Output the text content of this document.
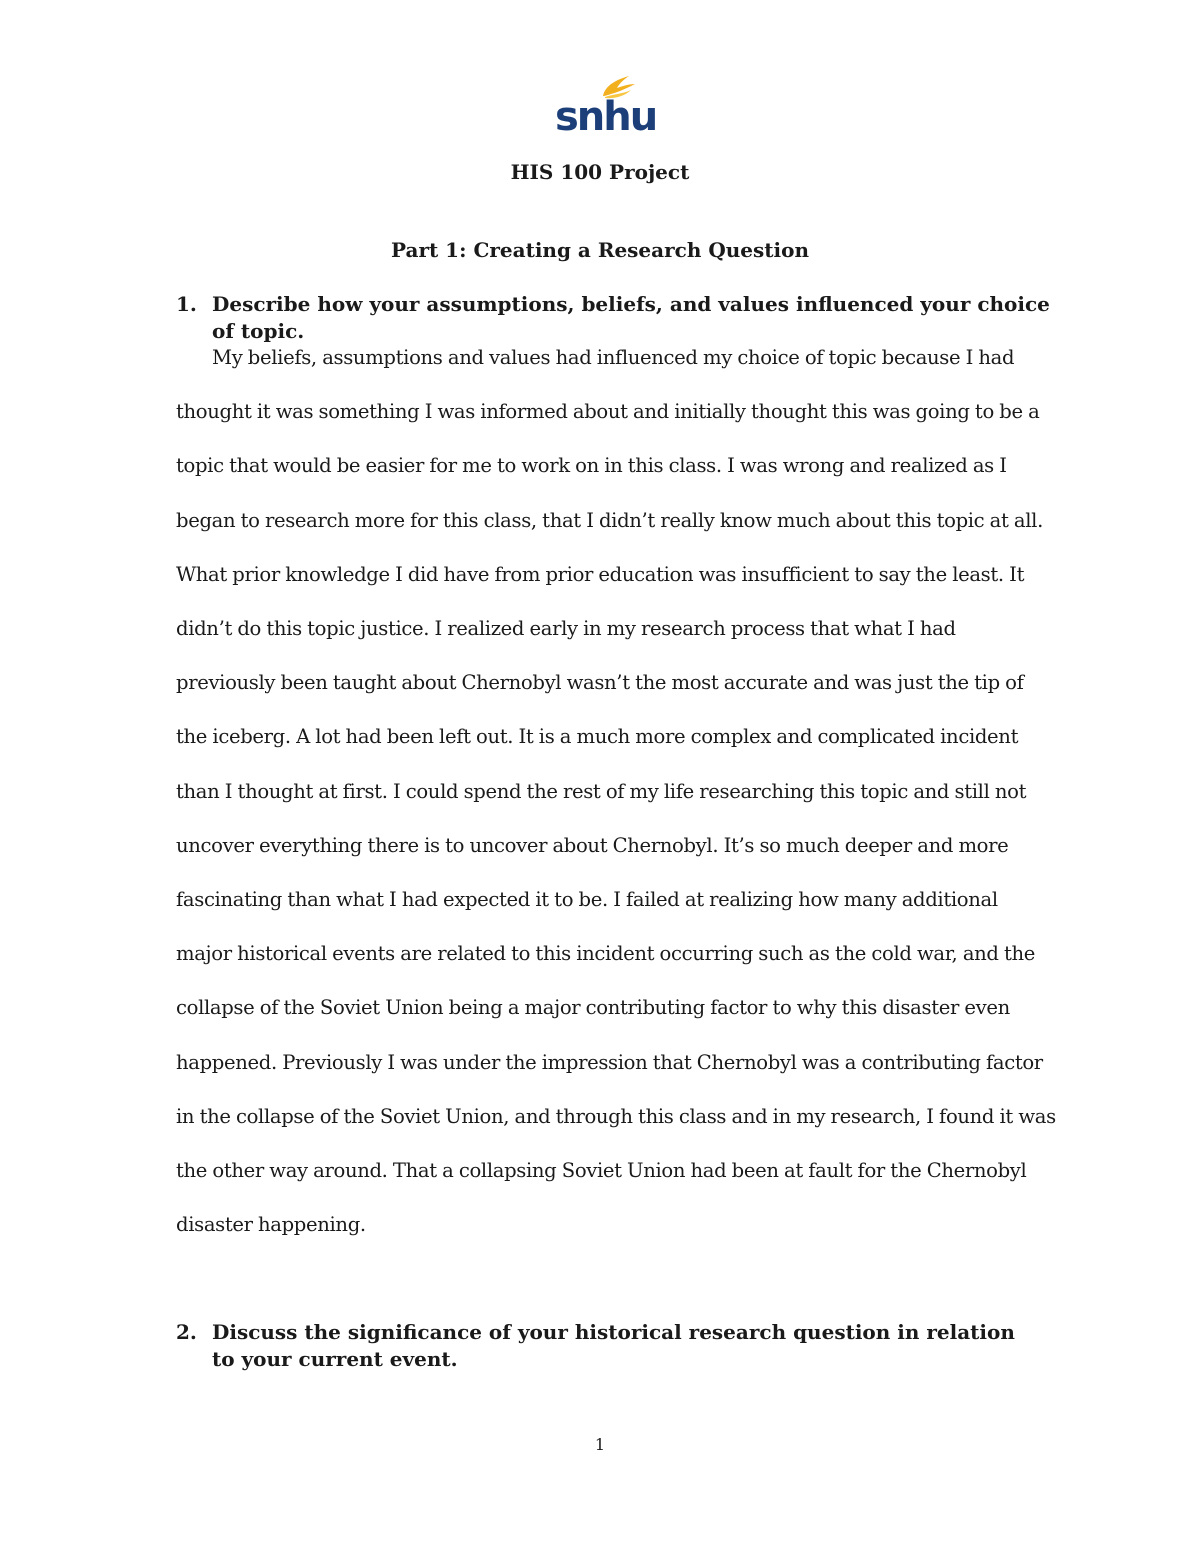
snhu
HIS 100 Project
Part 1: Creating a Research Question
1. Describe how your assumptions, beliefs, and values influenced your choice of topic.

My beliefs, assumptions and values had influenced my choice of topic because I had thought it was something I was informed about and initially thought this was going to be a topic that would be easier for me to work on in this class. I was wrong and realized as I began to research more for this class, that I didn’t really know much about this topic at all. What prior knowledge I did have from prior education was insufficient to say the least. It didn’t do this topic justice. I realized early in my research process that what I had previously been taught about Chernobyl wasn’t the most accurate and was just the tip of the iceberg. A lot had been left out. It is a much more complex and complicated incident than I thought at first. I could spend the rest of my life researching this topic and still not uncover everything there is to uncover about Chernobyl. It’s so much deeper and more fascinating than what I had expected it to be. I failed at realizing how many additional major historical events are related to this incident occurring such as the cold war, and the collapse of the Soviet Union being a major contributing factor to why this disaster even happened. Previously I was under the impression that Chernobyl was a contributing factor in the collapse of the Soviet Union, and through this class and in my research, I found it was the other way around. That a collapsing Soviet Union had been at fault for the Chernobyl disaster happening.

2. Discuss the significance of your historical research question in relation to your current event.
1
